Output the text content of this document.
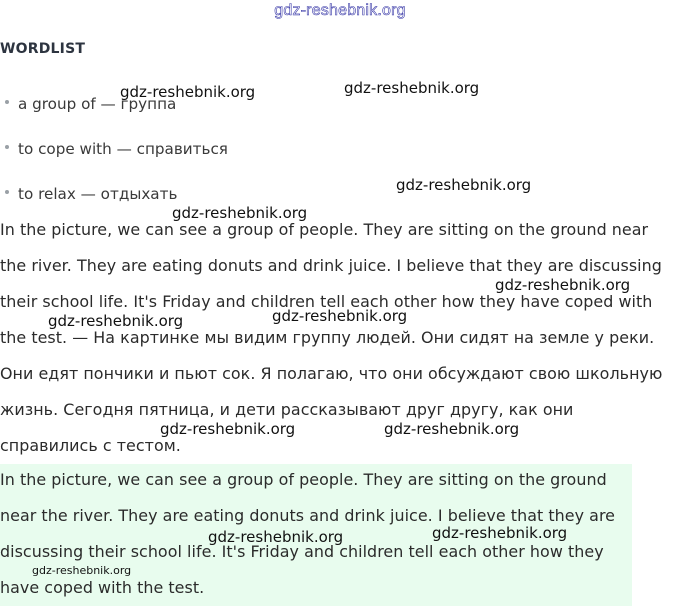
gdz-reshebnik.org
WORDLIST
a group of — группа
to cope with — справиться
to relax — отдыхать
In the picture, we can see a group of people. They are sitting on the ground near the river. They are eating donuts and drink juice. I believe that they are discussing their school life. It's Friday and children tell each other how they have coped with the test. — На картинке мы видим группу людей. Они сидят на земле у реки. Они едят пончики и пьют сок. Я полагаю, что они обсуждают свою школьную жизнь. Сегодня пятница, и дети рассказывают друг другу, как они справились с тестом.
In the picture, we can see a group of people. They are sitting on the ground near the river. They are eating donuts and drink juice. I believe that they are discussing their school life. It's Friday and children tell each other how they have coped with the test.
gdz-reshebnik.org	gdz-reshebnik.org
gdz-reshebnik.org
gdz-reshebnik.org
gdz-reshebnik.org
gdz-reshebnik.org	gdz-reshebnik.org
gdz-reshebnik.org	gdz-reshebnik.org
gdz-reshebnik.org	gdz-reshebnik.org
gdz-reshebnik.org
